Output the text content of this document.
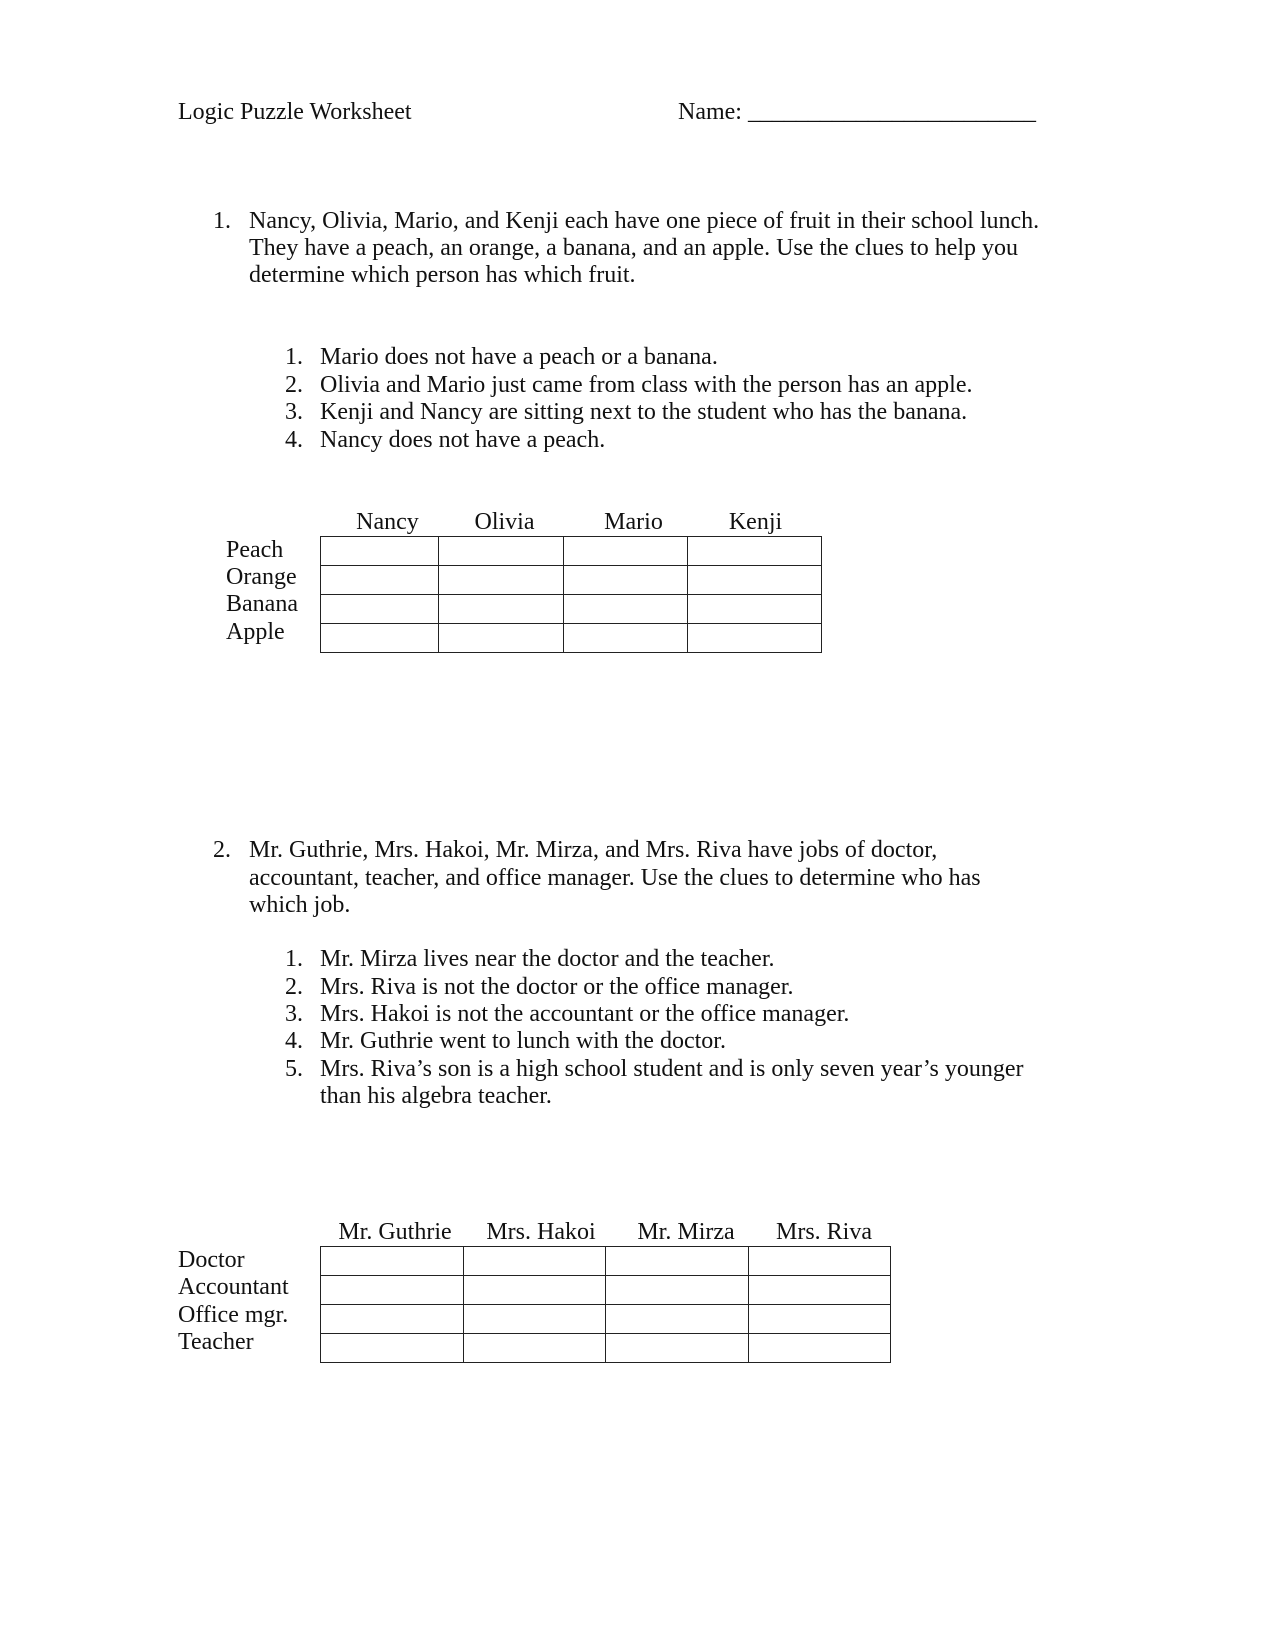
Logic Puzzle Worksheet	Name: ________________________
1. Nancy, Olivia, Mario, and Kenji each have one piece of fruit in their school lunch.
They have a peach, an orange, a banana, and an apple. Use the clues to help you
determine which person has which fruit.
1. Mario does not have a peach or a banana.
2. Olivia and Mario just came from class with the person has an apple.
3. Kenji and Nancy are sitting next to the student who has the banana.
4. Nancy does not have a peach.
Nancy	Olivia	Mario	Kenji
Peach
Orange
Banana
Apple

2. Mr. Guthrie, Mrs. Hakoi, Mr. Mirza, and Mrs. Riva have jobs of doctor,
accountant, teacher, and office manager. Use the clues to determine who has
which job.
1. Mr. Mirza lives near the doctor and the teacher.
2. Mrs. Riva is not the doctor or the office manager.
3. Mrs. Hakoi is not the accountant or the office manager.
4. Mr. Guthrie went to lunch with the doctor.
5. Mrs. Riva’s son is a high school student and is only seven year’s younger
than his algebra teacher.
Mr. Guthrie	Mrs. Hakoi	Mr. Mirza	Mrs. Riva
Doctor
Accountant
Office mgr.
Teacher
